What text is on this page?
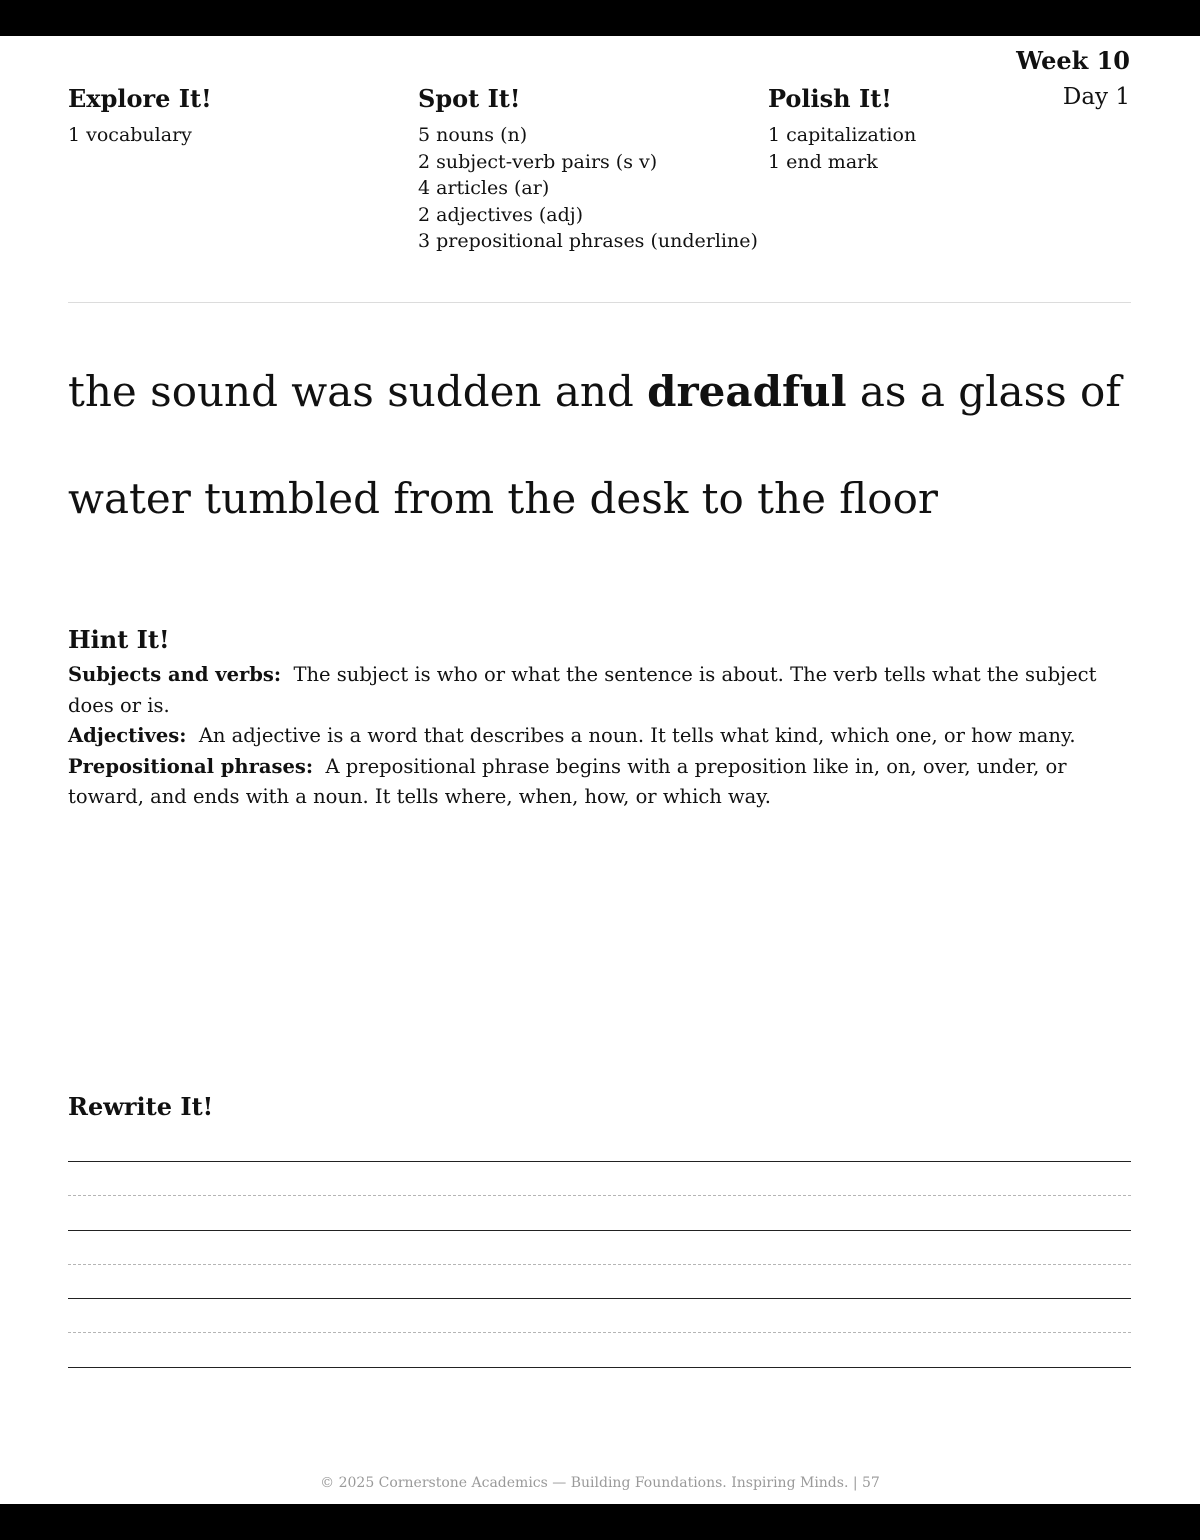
Week 10
Day 1
Explore It!
1 vocabulary
Spot It!
5 nouns (n)
2 subject-verb pairs (s v)
4 articles (ar)
2 adjectives (adj)
3 prepositional phrases (underline)
Polish It!
1 capitalization
1 end mark

the sound was sudden and dreadful as a glass of water tumbled from the desk to the floor

Hint It!

Subjects and verbs: The subject is who or what the sentence is about. The verb tells what the subject does or is.

Adjectives: An adjective is a word that describes a noun. It tells what kind, which one, or how many.

Prepositional phrases: A prepositional phrase begins with a preposition like in, on, over, under, or toward, and ends with a noun. It tells where, when, how, or which way.

Rewrite It!
© 2025 Cornerstone Academics — Building Foundations. Inspiring Minds. | 57
